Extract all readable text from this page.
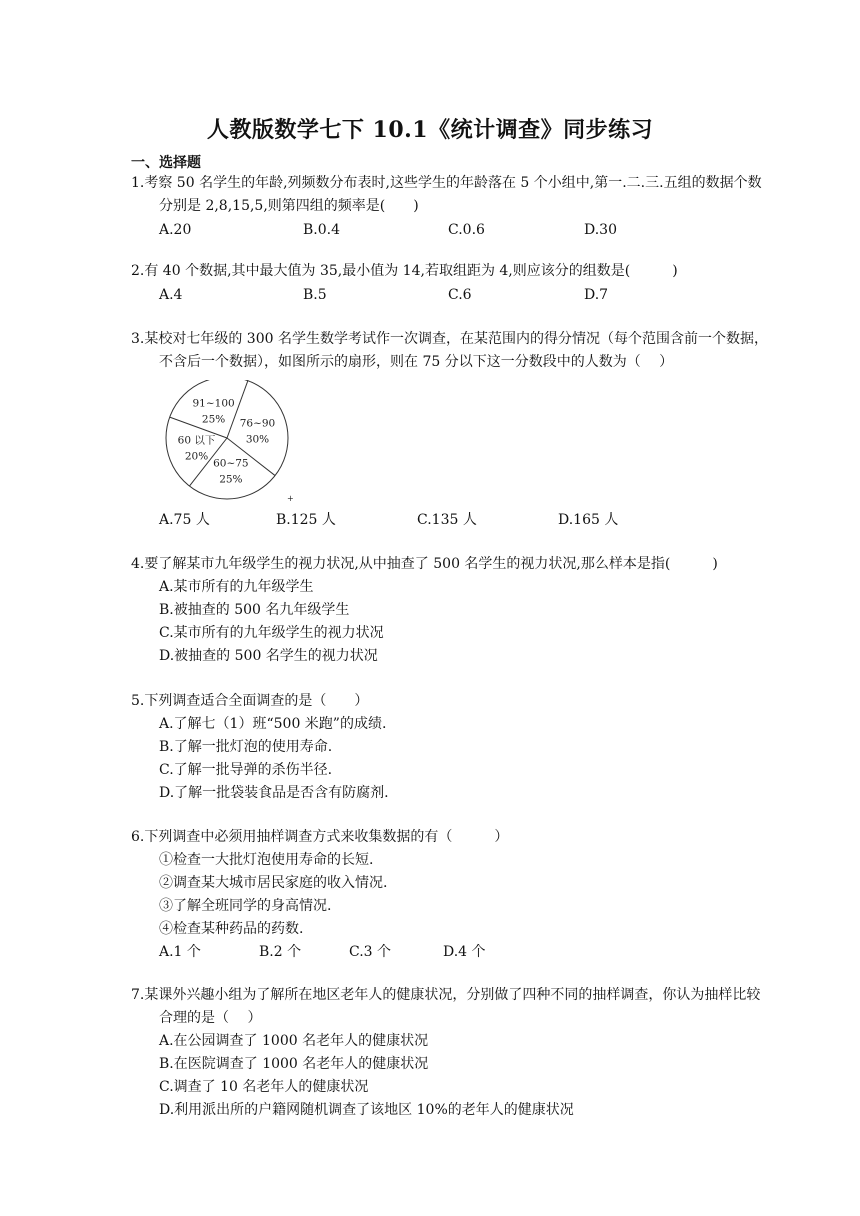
人教版数学七下 10.1《统计调查》同步练习
一、选择题
1.考察 50 名学生的年龄,列频数分布表时,这些学生的年龄落在 5 个小组中,第一.二.三.五组的数据个数分别是 2,8,15,5,则第四组的频率是(　　)
A.20	B.0.4	C.0.6	D.30
2.有 40 个数据,其中最大值为 35,最小值为 14,若取组距为 4,则应该分的组数是(　　　)
A.4	B.5	C.6	D.7
3.某校对七年级的 300 名学生数学考试作一次调查，在某范围内的得分情况（每个范围含前一个数据，不含后一个数据），如图所示的扇形，则在 75 分以下这一分数段中的人数为（　 ）
76~90
30%
60~75
25%
60 以下
20%
91~100
25%
+
A.75 人	B.125 人	C.135 人	D.165 人
4.要了解某市九年级学生的视力状况,从中抽查了 500 名学生的视力状况,那么样本是指(　　　)
A.某市所有的九年级学生
B.被抽查的 500 名九年级学生
C.某市所有的九年级学生的视力状况
D.被抽查的 500 名学生的视力状况
5.下列调查适合全面调查的是（　　）
A.了解七（1）班“500 米跑”的成绩.
B.了解一批灯泡的使用寿命.
C.了解一批导弹的杀伤半径.
D.了解一批袋装食品是否含有防腐剂.
6.下列调查中必须用抽样调查方式来收集数据的有（　　　）
①检查一大批灯泡使用寿命的长短.
②调查某大城市居民家庭的收入情况.
③了解全班同学的身高情况.
④检查某种药品的药数.
A.1 个	B.2 个	C.3 个	D.4 个
7.某课外兴趣小组为了解所在地区老年人的健康状况，分别做了四种不同的抽样调查，你认为抽样比较合理的是（　 ）
A.在公园调查了 1000 名老年人的健康状况
B.在医院调查了 1000 名老年人的健康状况
C.调查了 10 名老年人的健康状况
D.利用派出所的户籍网随机调查了该地区 10%的老年人的健康状况
